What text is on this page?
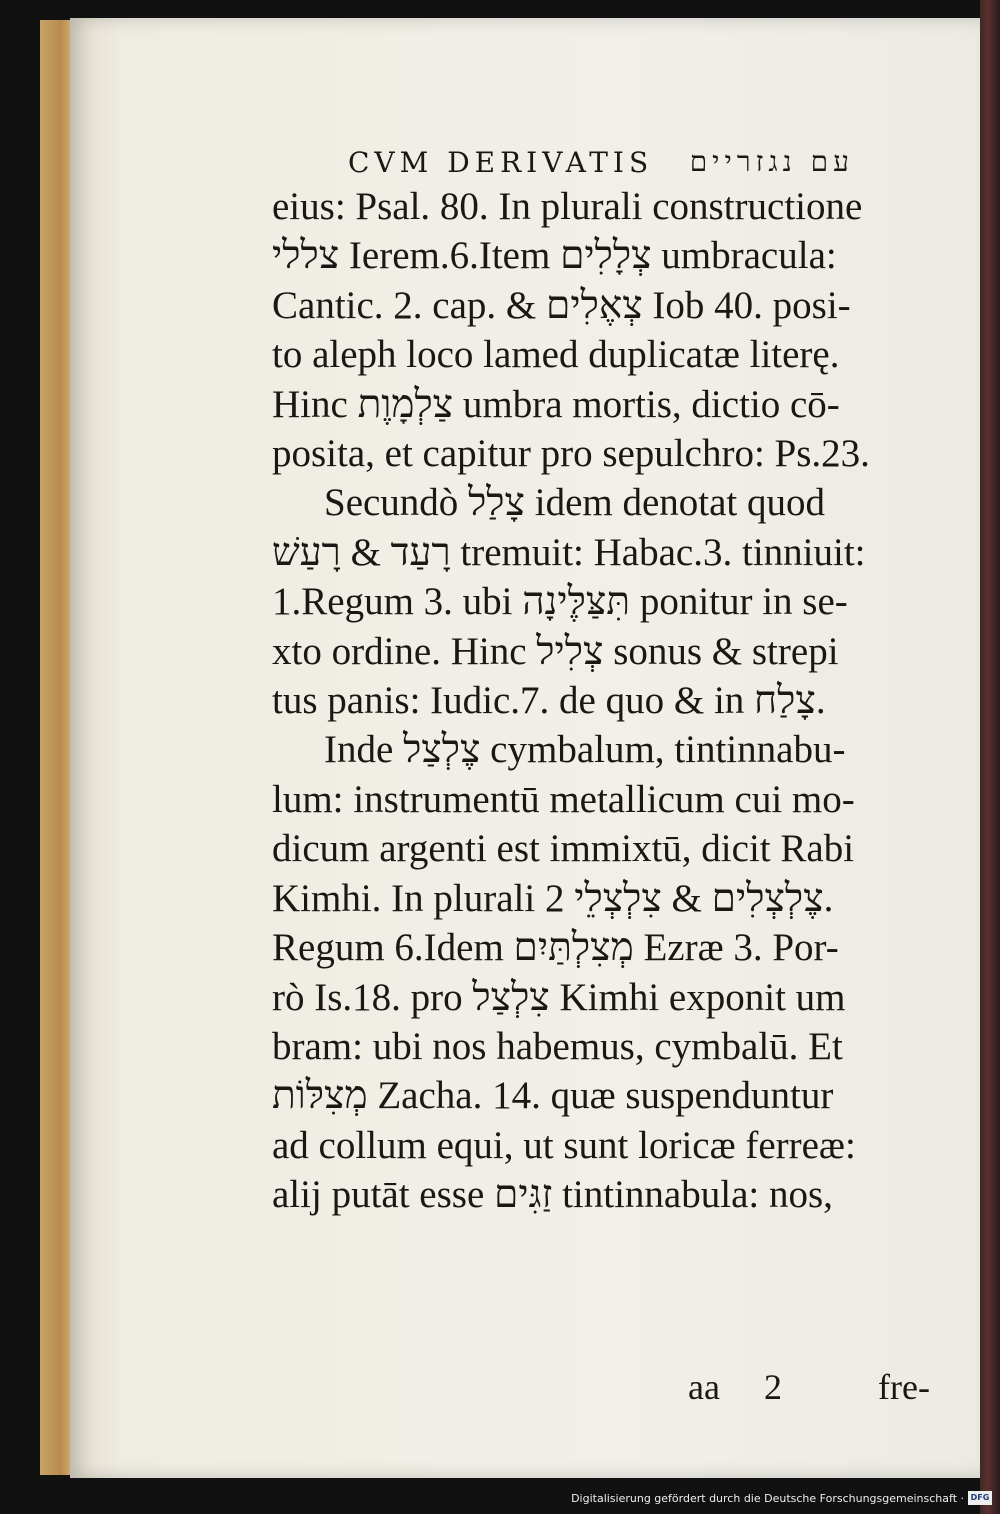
CVM DERIVATIS עם נגזריים
eius: Psal. 80. In plurali constructione
צללי Ierem.6.Item צְלָלִים umbracula:
Cantic. 2. cap. & צְאֶלִים Iob 40. posi-
to aleph loco lamed duplicatæ literę.
Hinc צַלְמָוֶת umbra mortis, dictio cō-
posita, et capitur pro sepulchro: Ps.23.
Secundò צָלַל idem denotat quod
רָעַד & רָעַשׁ tremuit: Habac.3. tinniuit:
1.Regum 3. ubi תִּצַּלֶּינָה ponitur in se-
xto ordine. Hinc צְלִיל sonus & strepi
tus panis: Iudic.7. de quo & in צָלַח.
Inde צֶלְצַל cymbalum, tintinnabu-
lum: instrumentū metallicum cui mo-
dicum argenti est immixtū, dicit Rabi
Kimhi. In plurali צֶלְצְלִים & צִלְצְלֵי 2.
Regum 6.Idem מְצִלְתַּיִם Ezræ 3. Por-
rò Is.18. pro צִלְצַל Kimhi exponit um
bram: ubi nos habemus, cymbalū. Et
מְצִלּוֹת Zacha. 14. quæ suspenduntur
ad collum equi, ut sunt loricæ ferreæ:
alij putāt esse זַגִּים tintinnabula: nos,
aa 2	fre-
Digitalisierung gefördert durch die Deutsche Forschungsgemeinschaft · DFG
